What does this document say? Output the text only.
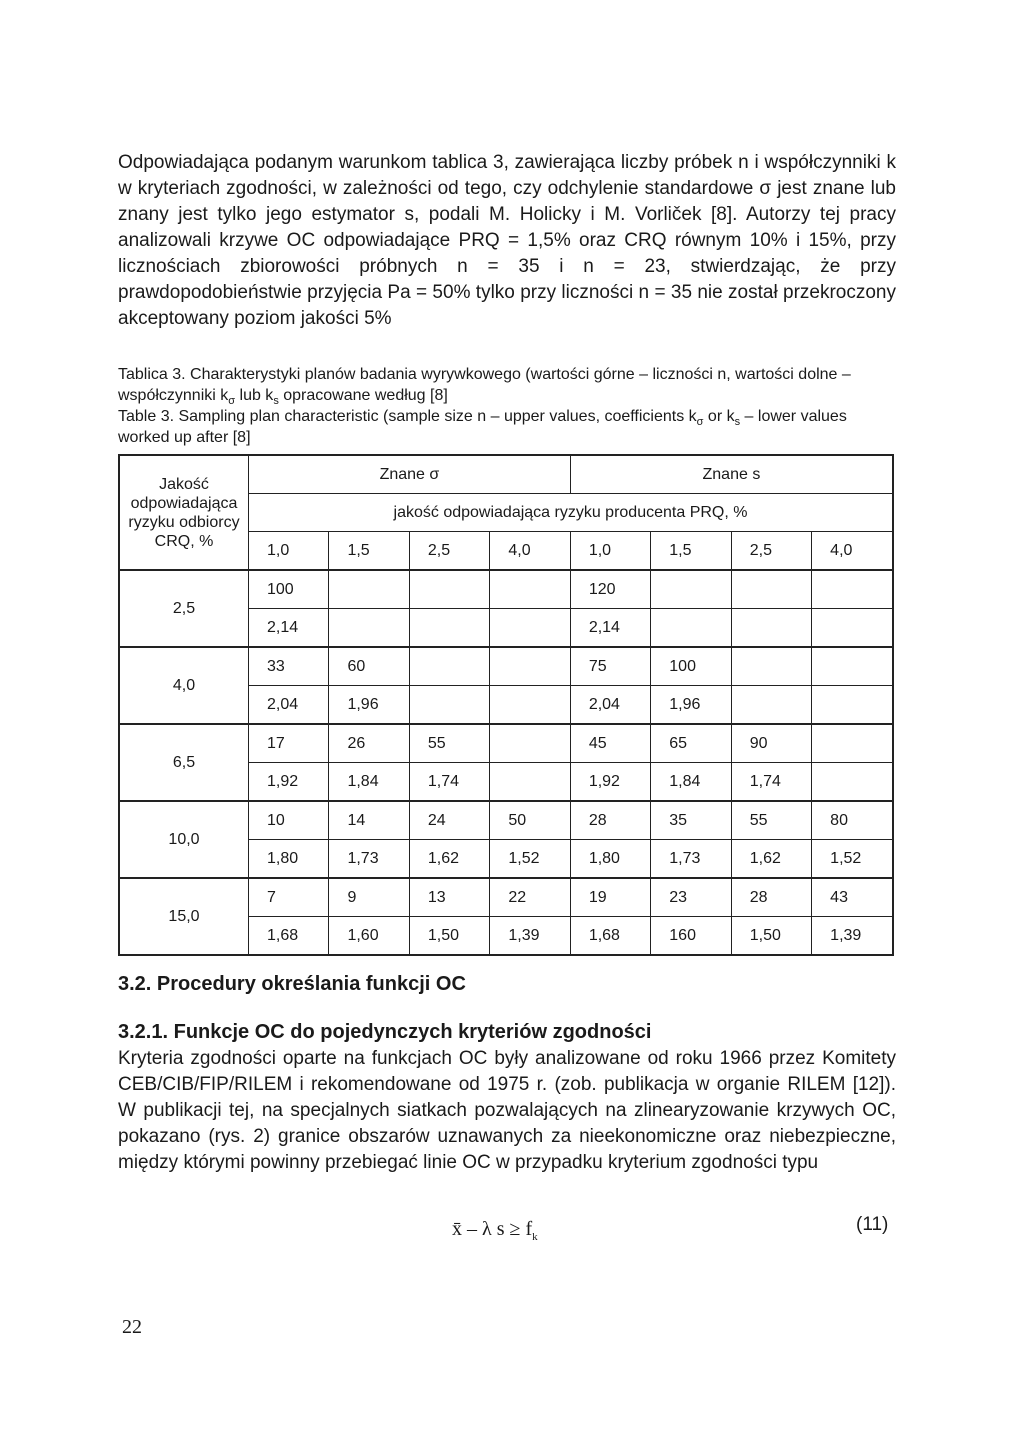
Odpowiadająca podanym warunkom tablica 3, zawierająca liczby próbek n i współczynniki k w kryteriach zgodności, w zależności od tego, czy odchylenie standardowe σ jest znane lub znany jest tylko jego estymator s, podali M. Holicky i M. Vorliček [8]. Autorzy tej pracy analizowali krzywe OC odpowiadające PRQ = 1,5% oraz CRQ równym 10% i 15%, przy licznościach zbiorowości próbnych n = 35 i n = 23, stwierdzając, że przy prawdopodobieństwie przyjęcia Pa = 50% tylko przy liczności n = 35 nie został przekroczony akceptowany poziom jakości 5%

Tablica 3. Charakterystyki planów badania wyrywkowego (wartości górne – liczności n, wartości dolne – współczynniki $k_\sigma$ lub $k_s$ opracowane według [8]

Table 3. Sampling plan characteristic (sample size n – upper values, coefficients $k_\sigma$ or $k_s$ – lower values worked up after [8]

Jakość odpowiadająca ryzyku odbiorcy CRQ, %	Znane σ				Znane s			
	jakość odpowiadająca ryzyku producenta PRQ, %							
	1,0	1,5	2,5	4,0	1,0	1,5	2,5	4,0
2,5	100				120			
	2,14				2,14			
4,0	33	60			75	100		
	2,04	1,96			2,04	1,96		
6,5	17	26	55		45	65	90	
	1,92	1,84	1,74		1,92	1,84	1,74	
10,0	10	14	24	50	28	35	55	80
	1,80	1,73	1,62	1,52	1,80	1,73	1,62	1,52
15,0	7	9	13	22	19	23	28	43
	1,68	1,60	1,50	1,39	1,68	160	1,50	1,39
3.2. Procedury określania funkcji OC
3.2.1. Funkcje OC do pojedynczych kryteriów zgodności

Kryteria zgodności oparte na funkcjach OC były analizowane od roku 1966 przez Komitety CEB/CIB/FIP/RILEM i rekomendowane od 1975 r. (zob. publikacja w organie RILEM [12]). W publikacji tej, na specjalnych siatkach pozwalających na zlinearyzowanie krzywych OC, pokazano (rys. 2) granice obszarów uznawanych za nieekonomiczne oraz niebezpieczne, między którymi powinny przebiegać linie OC w przypadku kryterium zgodności typu

x̄ – λ $s \ge f_k$
(11)
22
